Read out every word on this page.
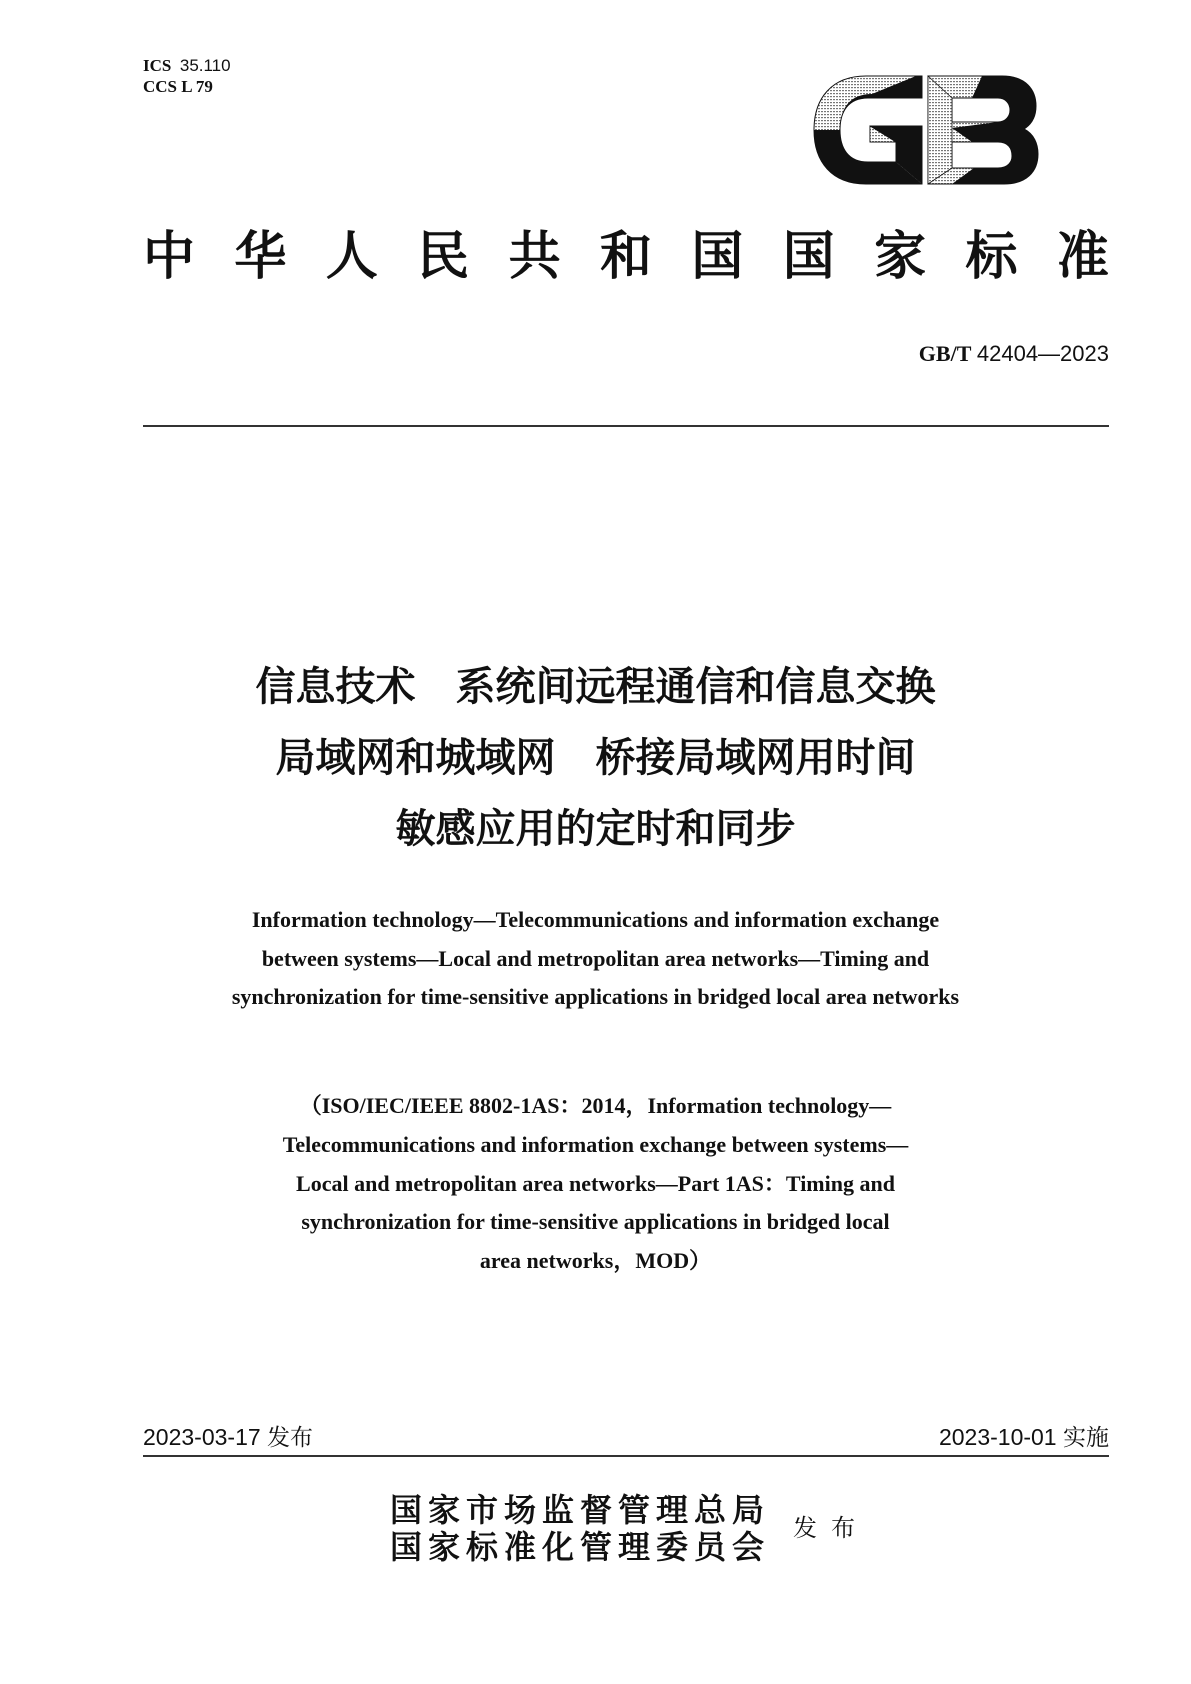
ICS 35.110
CCS L 79
中 华 人 民 共 和 国 国 家 标 准
GB/T 42404—2023
信息技术　系统间远程通信和信息交换
局域网和城域网　桥接局域网用时间
敏感应用的定时和同步
Information technology—Telecommunications and information exchange
between systems—Local and metropolitan area networks—Timing and
synchronization for time-sensitive applications in bridged local area networks
（ISO/IEC/IEEE 8802-1AS：2014，Information technology—
Telecommunications and information exchange between systems—
Local and metropolitan area networks—Part 1AS：Timing and
synchronization for time-sensitive applications in bridged local
area networks，MOD）
2023-03-17 发布	2023-10-01 实施
国家市场监督管理总局
国家标准化管理委员会
发布
